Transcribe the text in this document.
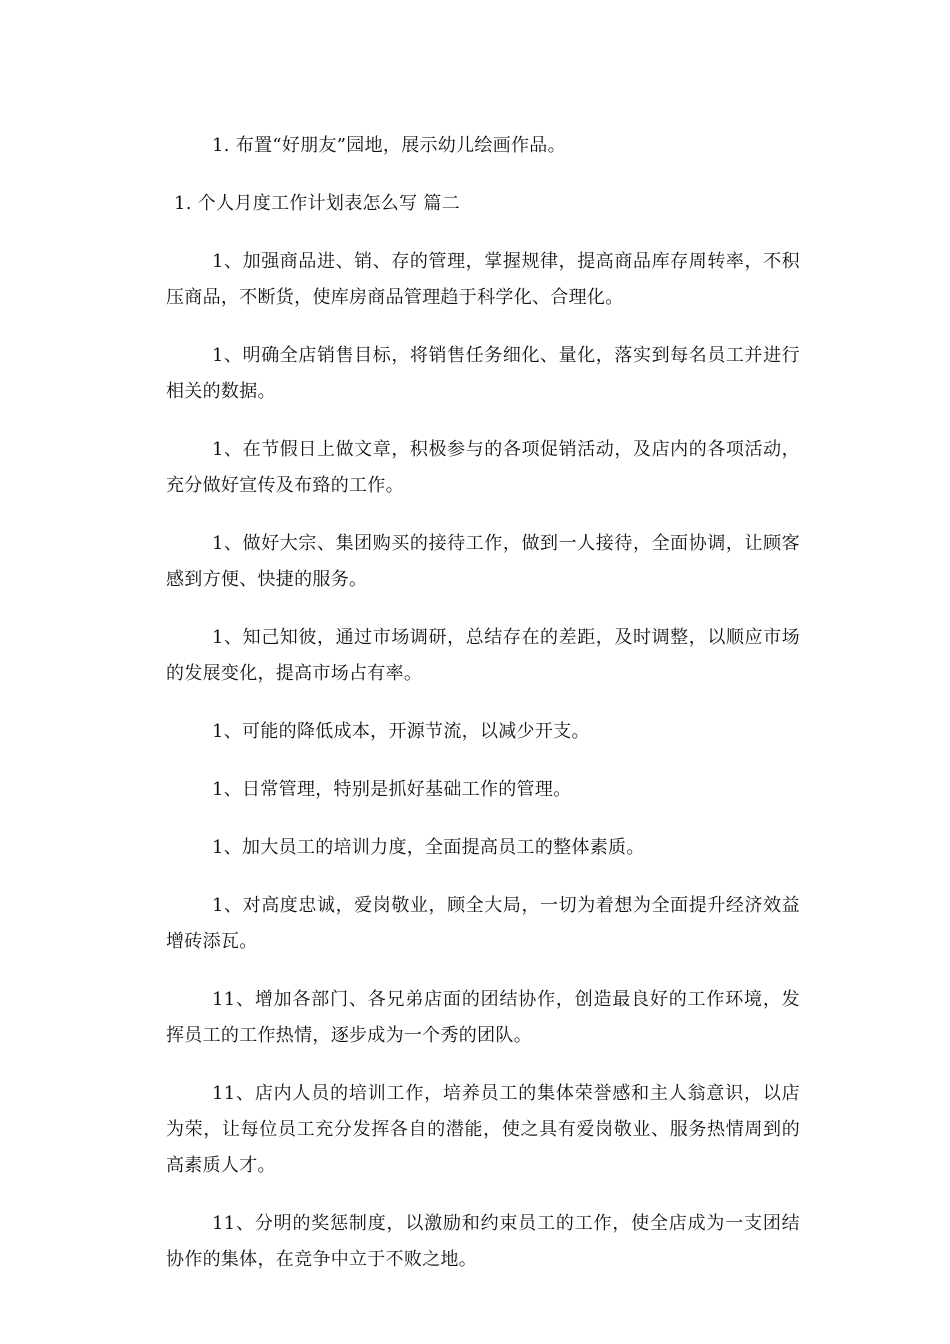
1. 布置“好朋友”园地，展示幼儿绘画作品。

1. 个人月度工作计划表怎么写 篇二

1、加强商品进、销、存的管理，掌握规律，提高商品库存周转率，不积压商品，不断货，使库房商品管理趋于科学化、合理化。

1、明确全店销售目标，将销售任务细化、量化，落实到每名员工并进行相关的数据。

1、在节假日上做文章，积极参与的各项促销活动，及店内的各项活动，充分做好宣传及布臵的工作。

1、做好大宗、集团购买的接待工作，做到一人接待，全面协调，让顾客感到方便、快捷的服务。

1、知己知彼，通过市场调研，总结存在的差距，及时调整，以顺应市场的发展变化，提高市场占有率。

1、可能的降低成本，开源节流，以减少开支。

1、日常管理，特别是抓好基础工作的管理。

1、加大员工的培训力度，全面提高员工的整体素质。

1、对高度忠诚，爱岗敬业，顾全大局，一切为着想为全面提升经济效益增砖添瓦。

11、增加各部门、各兄弟店面的团结协作，创造最良好的工作环境，发挥员工的工作热情，逐步成为一个秀的团队。

11、店内人员的培训工作，培养员工的集体荣誉感和主人翁意识，以店为荣，让每位员工充分发挥各自的潜能，使之具有爱岗敬业、服务热情周到的高素质人才。

11、分明的奖惩制度，以激励和约束员工的工作，使全店成为一支团结协作的集体，在竞争中立于不败之地。
